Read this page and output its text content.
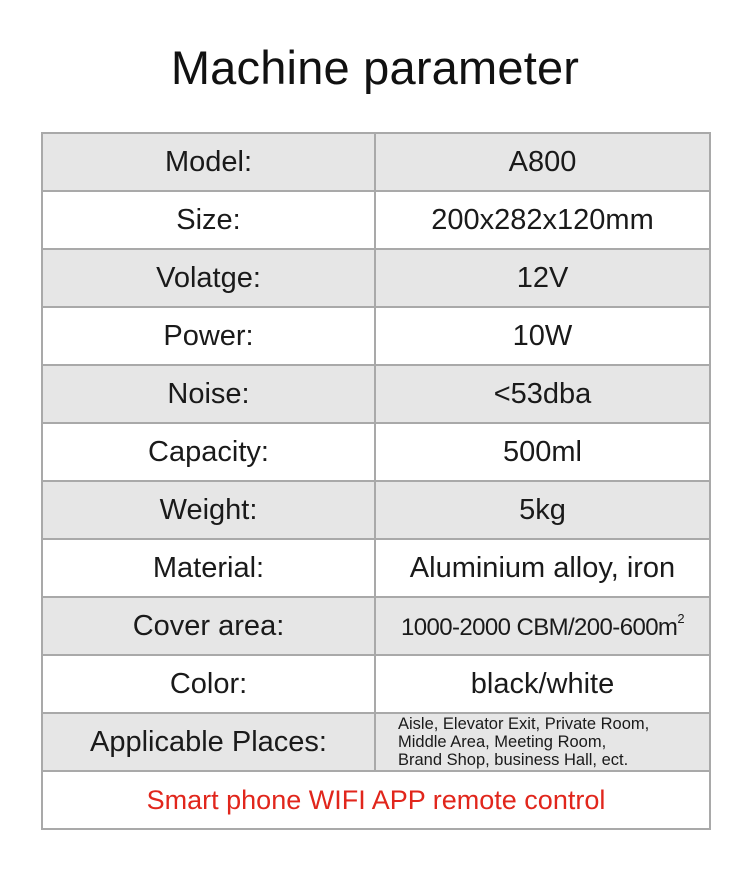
Machine parameter
Model:	A800
Size:	200x282x120mm
Volatge:	12V
Power:	10W
Noise:	<53dba
Capacity:	500ml
Weight:	5kg
Material:	Aluminium alloy, iron
Cover area:	1000-2000 CBM/$200-600m^2$
Color:	black/white
Applicable Places:	Aisle, Elevator Exit, Private Room,
Middle Area, Meeting Room,
Brand Shop, business Hall, ect.

Smart phone WIFI APP remote control	
